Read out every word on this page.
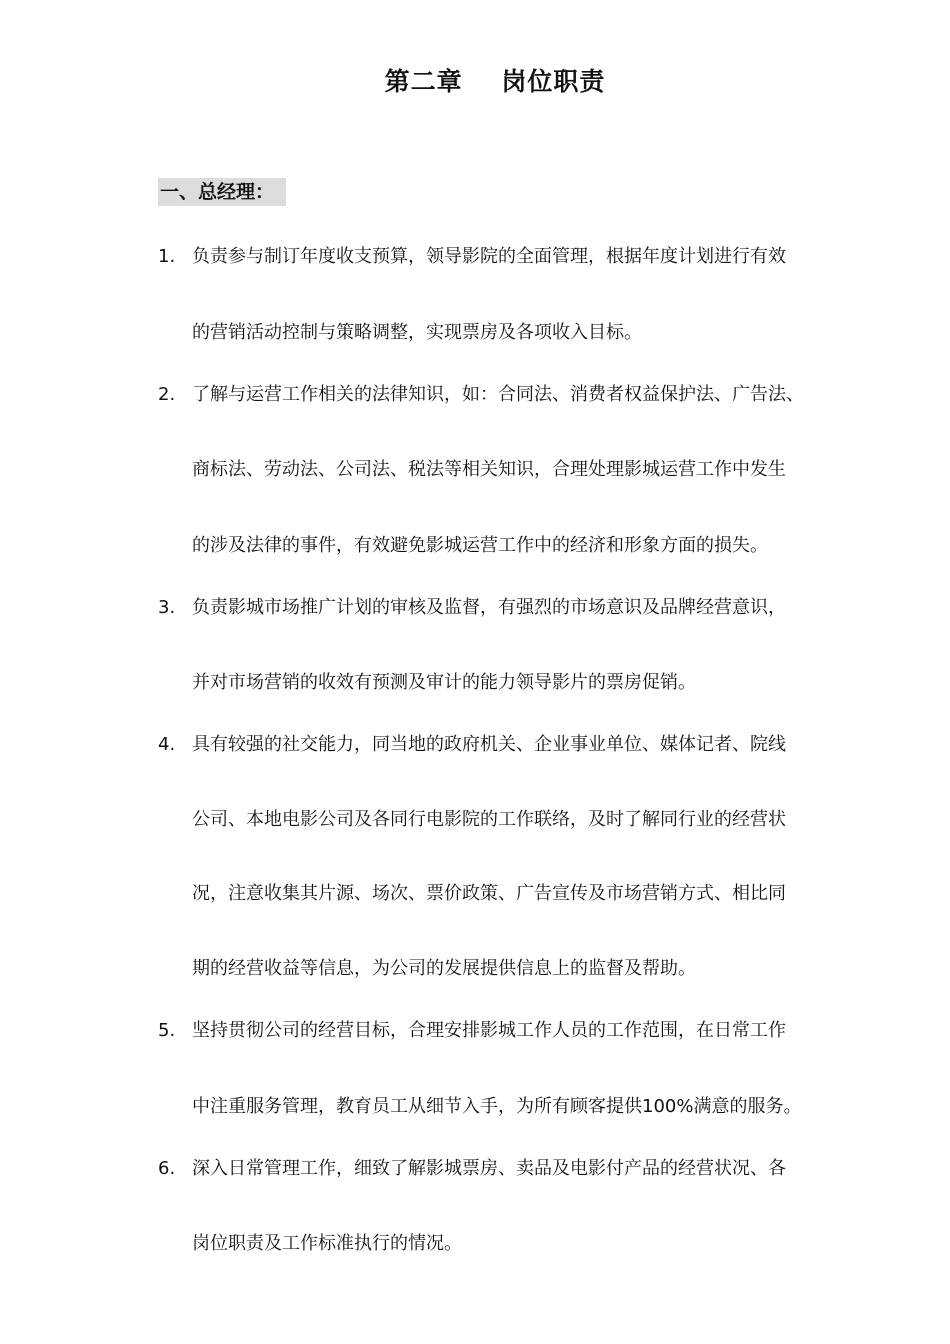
第二章    岗位职责
一、总经理：
1. 负责参与制订年度收支预算，领导影院的全面管理，根据年度计划进行有效
的营销活动控制与策略调整，实现票房及各项收入目标。
2. 了解与运营工作相关的法律知识，如：合同法、消费者权益保护法、广告法、
商标法、劳动法、公司法、税法等相关知识，合理处理影城运营工作中发生
的涉及法律的事件，有效避免影城运营工作中的经济和形象方面的损失。
3. 负责影城市场推广计划的审核及监督，有强烈的市场意识及品牌经营意识，
并对市场营销的收效有预测及审计的能力领导影片的票房促销。
4. 具有较强的社交能力，同当地的政府机关、企业事业单位、媒体记者、院线
公司、本地电影公司及各同行电影院的工作联络，及时了解同行业的经营状
况，注意收集其片源、场次、票价政策、广告宣传及市场营销方式、相比同
期的经营收益等信息，为公司的发展提供信息上的监督及帮助。
5. 坚持贯彻公司的经营目标，合理安排影城工作人员的工作范围，在日常工作
中注重服务管理，教育员工从细节入手，为所有顾客提供100%满意的服务。
6. 深入日常管理工作，细致了解影城票房、卖品及电影付产品的经营状况、各
岗位职责及工作标准执行的情况。
